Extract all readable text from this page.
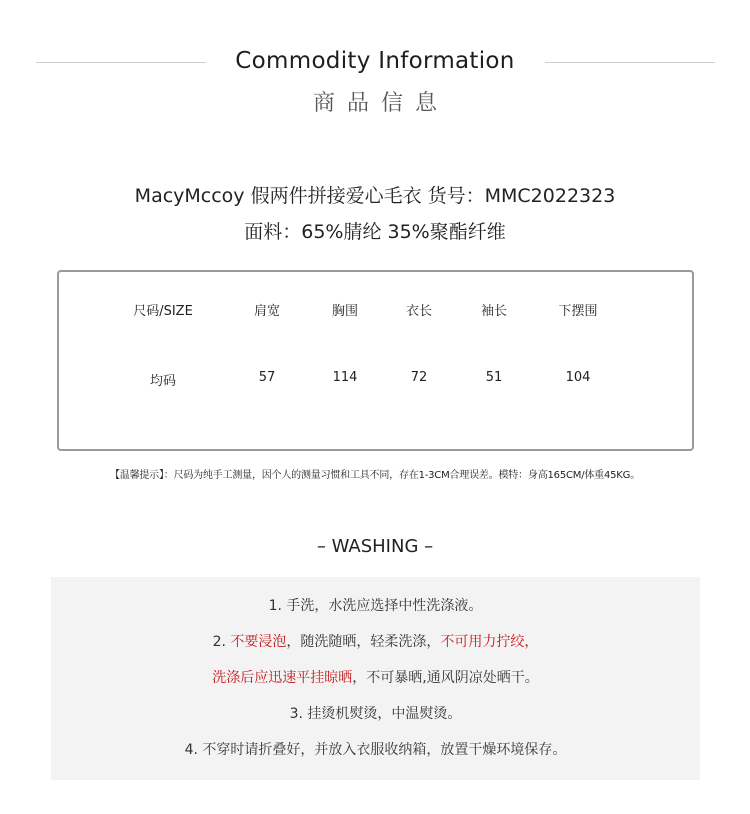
Commodity Information
商品信息
MacyMccoy 假两件拼接爱心毛衣 货号：MMC2022323
面料：65%腈纶 35%聚酯纤维
尺码/SIZE	肩宽	胸围	衣长	袖长	下摆围
均码	57	114	72	51	104
【温馨提示】：尺码为纯手工测量，因个人的测量习惯和工具不同，存在1-3CM合理误差。模特：身高165CM/体重45KG。
– WASHING –
1. 手洗，水洗应选择中性洗涤液。
2. 不要浸泡，随洗随晒，轻柔洗涤，不可用力拧绞，
洗涤后应迅速平挂晾晒，不可暴晒,通风阴凉处晒干。
3. 挂烫机熨烫，中温熨烫。
4. 不穿时请折叠好，并放入衣服收纳箱，放置干燥环境保存。
